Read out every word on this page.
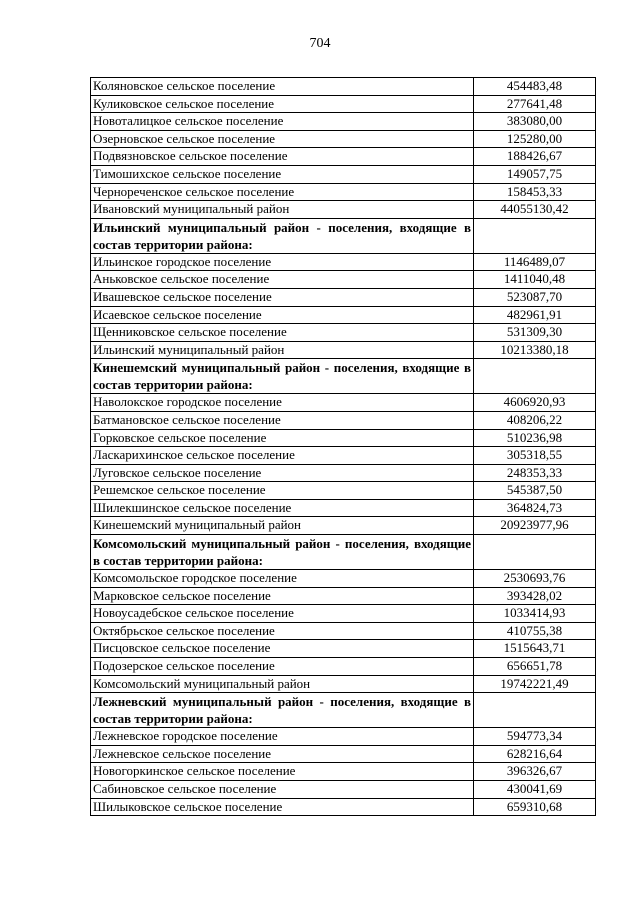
704
Коляновское сельское поселение	454483,48
Куликовское сельское поселение	277641,48
Новоталицкое сельское поселение	383080,00
Озерновское сельское поселение	125280,00
Подвязновское сельское поселение	188426,67
Тимошихское сельское поселение	149057,75
Чернореченское сельское поселение	158453,33
Ивановский муниципальный район	44055130,42
Ильинский муниципальный район - поселения, входящие в состав территории района:	
Ильинское городское поселение	1146489,07
Аньковское сельское поселение	1411040,48
Ивашевское сельское поселение	523087,70
Исаевское сельское поселение	482961,91
Щенниковское сельское поселение	531309,30
Ильинский муниципальный район	10213380,18
Кинешемский муниципальный район - поселения, входящие в состав территории района:	
Наволокское городское поселение	4606920,93
Батмановское сельское поселение	408206,22
Горковское сельское поселение	510236,98
Ласкарихинское сельское поселение	305318,55
Луговское сельское поселение	248353,33
Решемское сельское поселение	545387,50
Шилекшинское сельское поселение	364824,73
Кинешемский муниципальный район	20923977,96
Комсомольский муниципальный район - поселения, входящие в состав территории района:	
Комсомольское городское поселение	2530693,76
Марковское сельское поселение	393428,02
Новоусадебское сельское поселение	1033414,93
Октябрьское сельское поселение	410755,38
Писцовское сельское поселение	1515643,71
Подозерское сельское поселение	656651,78
Комсомольский муниципальный район	19742221,49
Лежневский муниципальный район - поселения, входящие в состав территории района:	
Лежневское городское поселение	594773,34
Лежневское сельское поселение	628216,64
Новогоркинское сельское поселение	396326,67
Сабиновское сельское поселение	430041,69
Шилыковское сельское поселение	659310,68
